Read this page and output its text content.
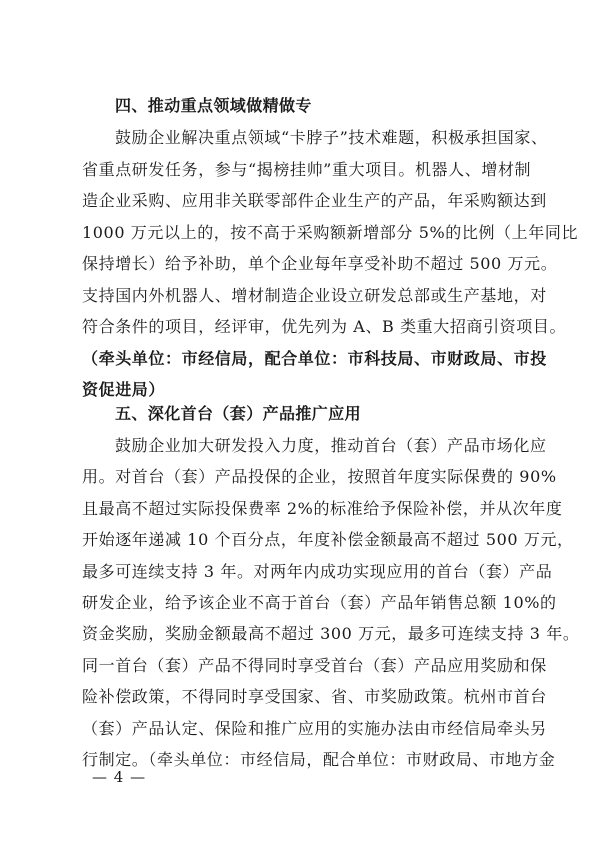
四、推动重点领域做精做专
鼓励企业解决重点领域“卡脖子”技术难题，积极承担国家、
省重点研发任务，参与“揭榜挂帅”重大项目。机器人、增材制
造企业采购、应用非关联零部件企业生产的产品，年采购额达到
1000 万元以上的，按不高于采购额新增部分 5%的比例（上年同比
保持增长）给予补助，单个企业每年享受补助不超过 500 万元。
支持国内外机器人、增材制造企业设立研发总部或生产基地，对
符合条件的项目，经评审，优先列为 A、B 类重大招商引资项目。
（牵头单位：市经信局，配合单位：市科技局、市财政局、市投
资促进局）
五、深化首台（套）产品推广应用
鼓励企业加大研发投入力度，推动首台（套）产品市场化应
用。对首台（套）产品投保的企业，按照首年度实际保费的 90%
且最高不超过实际投保费率 2%的标准给予保险补偿，并从次年度
开始逐年递减 10 个百分点，年度补偿金额最高不超过 500 万元，
最多可连续支持 3 年。对两年内成功实现应用的首台（套）产品
研发企业，给予该企业不高于首台（套）产品年销售总额 10%的
资金奖励，奖励金额最高不超过 300 万元，最多可连续支持 3 年。
同一首台（套）产品不得同时享受首台（套）产品应用奖励和保
险补偿政策，不得同时享受国家、省、市奖励政策。杭州市首台
（套）产品认定、保险和推广应用的实施办法由市经信局牵头另
行制定。（牵头单位：市经信局，配合单位：市财政局、市地方金
— 4 —
